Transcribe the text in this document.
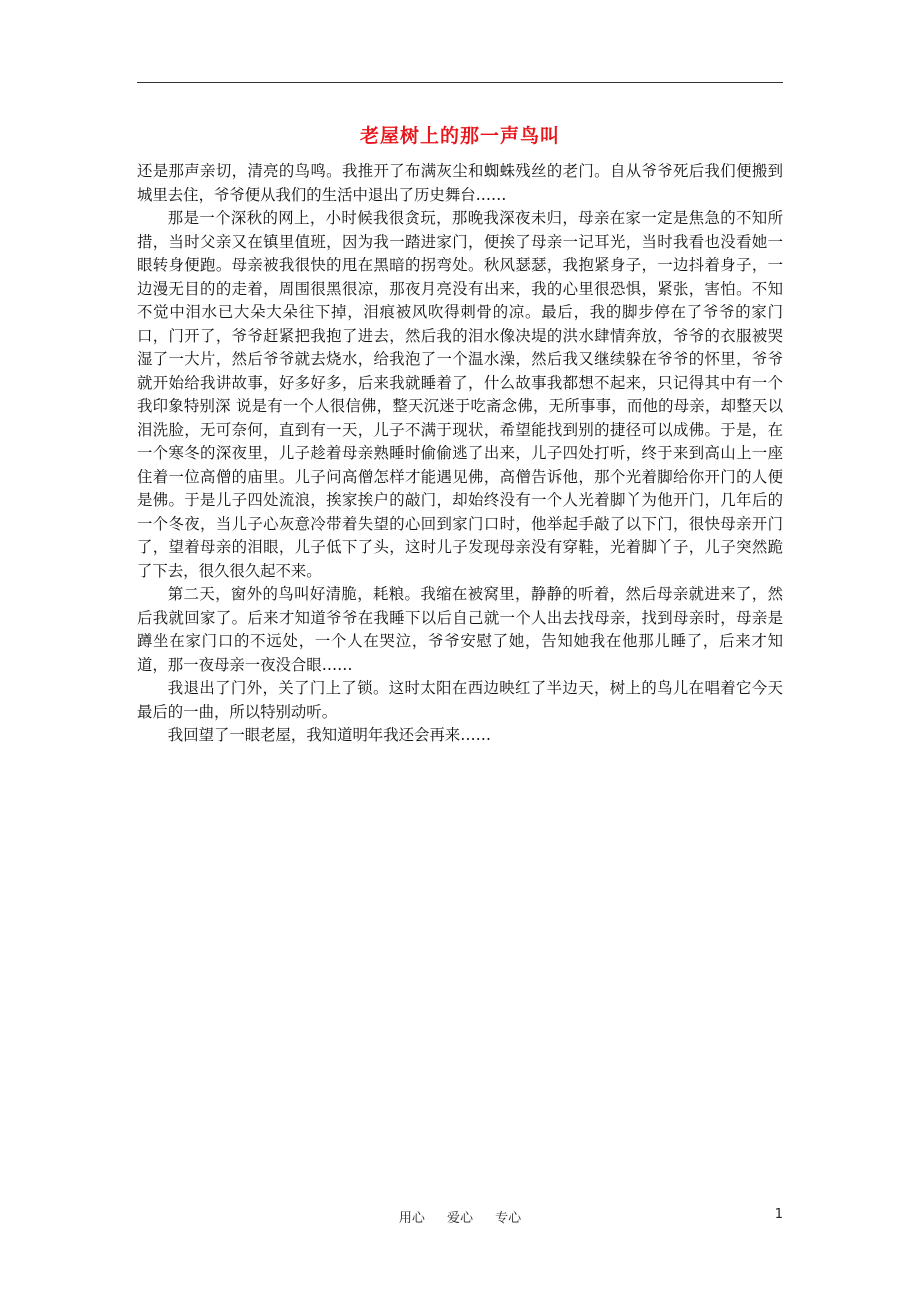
老屋树上的那一声鸟叫

还是那声亲切，清亮的鸟鸣。我推开了布满灰尘和蜘蛛残丝的老门。自从爷爷死后我们便搬到城里去住，爷爷便从我们的生活中退出了历史舞台……

那是一个深秋的网上，小时候我很贪玩，那晚我深夜未归，母亲在家一定是焦急的不知所措，当时父亲又在镇里值班，因为我一踏进家门，便挨了母亲一记耳光，当时我看也没看她一眼转身便跑。母亲被我很快的甩在黑暗的拐弯处。秋风瑟瑟，我抱紧身子，一边抖着身子，一边漫无目的的走着，周围很黑很凉，那夜月亮没有出来，我的心里很恐惧，紧张，害怕。不知不觉中泪水已大朵大朵往下掉，泪痕被风吹得刺骨的凉。最后，我的脚步停在了爷爷的家门口，门开了，爷爷赶紧把我抱了进去，然后我的泪水像决堤的洪水肆情奔放，爷爷的衣服被哭湿了一大片，然后爷爷就去烧水，给我泡了一个温水澡，然后我又继续躲在爷爷的怀里，爷爷就开始给我讲故事，好多好多，后来我就睡着了，什么故事我都想不起来，只记得其中有一个我印象特别深 说是有一个人很信佛，整天沉迷于吃斋念佛，无所事事，而他的母亲，却整天以泪洗脸，无可奈何，直到有一天，儿子不满于现状，希望能找到别的捷径可以成佛。于是，在一个寒冬的深夜里，儿子趁着母亲熟睡时偷偷逃了出来，儿子四处打听，终于来到高山上一座住着一位高僧的庙里。儿子问高僧怎样才能遇见佛，高僧告诉他，那个光着脚给你开门的人便是佛。于是儿子四处流浪，挨家挨户的敲门，却始终没有一个人光着脚丫为他开门，几年后的一个冬夜，当儿子心灰意冷带着失望的心回到家门口时，他举起手敲了以下门，很快母亲开门了，望着母亲的泪眼，儿子低下了头，这时儿子发现母亲没有穿鞋，光着脚丫子，儿子突然跪了下去，很久很久起不来。

第二天，窗外的鸟叫好清脆，耗粮。我缩在被窝里，静静的听着，然后母亲就进来了，然后我就回家了。后来才知道爷爷在我睡下以后自己就一个人出去找母亲，找到母亲时，母亲是蹲坐在家门口的不远处，一个人在哭泣，爷爷安慰了她，告知她我在他那儿睡了，后来才知道，那一夜母亲一夜没合眼……

我退出了门外，关了门上了锁。这时太阳在西边映红了半边天，树上的鸟儿在唱着它今天最后的一曲，所以特别动听。

我回望了一眼老屋，我知道明年我还会再来……

用心 爱心 专心	1
